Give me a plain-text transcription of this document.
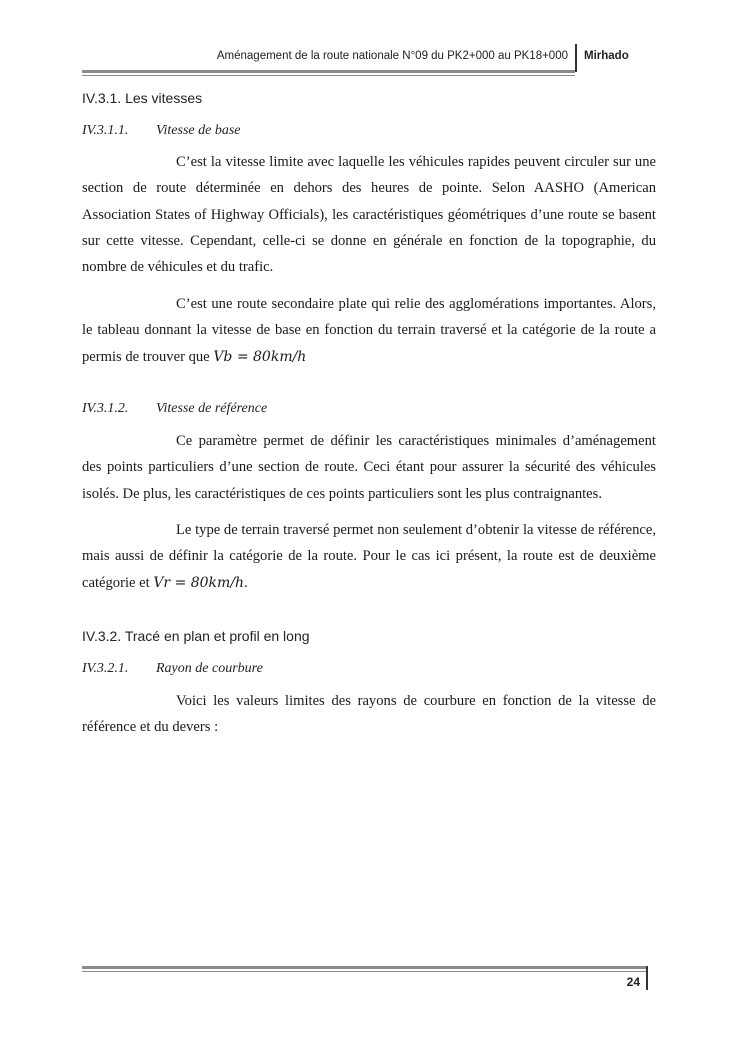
Aménagement de la route nationale N°09 du PK2+000 au PK18+000 Mirhado
IV.3.1. Les vitesses
IV.3.1.1. Vitesse de base

C’est la vitesse limite avec laquelle les véhicules rapides peuvent circuler sur une section de route déterminée en dehors des heures de pointe. Selon AASHO (American Association States of Highway Officials), les caractéristiques géométriques d’une route se basent sur cette vitesse. Cependant, celle-ci se donne en générale en fonction de la topographie, du nombre de véhicules et du trafic.

C’est une route secondaire plate qui relie des agglomérations importantes. Alors, le tableau donnant la vitesse de base en fonction du terrain traversé et la catégorie de la route a permis de trouver que Vb = 80km/h

IV.3.1.2. Vitesse de référence

Ce paramètre permet de définir les caractéristiques minimales d’aménagement des points particuliers d’une section de route. Ceci étant pour assurer la sécurité des véhicules isolés. De plus, les caractéristiques de ces points particuliers sont les plus contraignantes.

Le type de terrain traversé permet non seulement d’obtenir la vitesse de référence, mais aussi de définir la catégorie de la route. Pour le cas ici présent, la route est de deuxième catégorie et Vr = 80km/h.

IV.3.2. Tracé en plan et profil en long
IV.3.2.1. Rayon de courbure

Voici les valeurs limites des rayons de courbure en fonction de la vitesse de référence et du devers :

24
